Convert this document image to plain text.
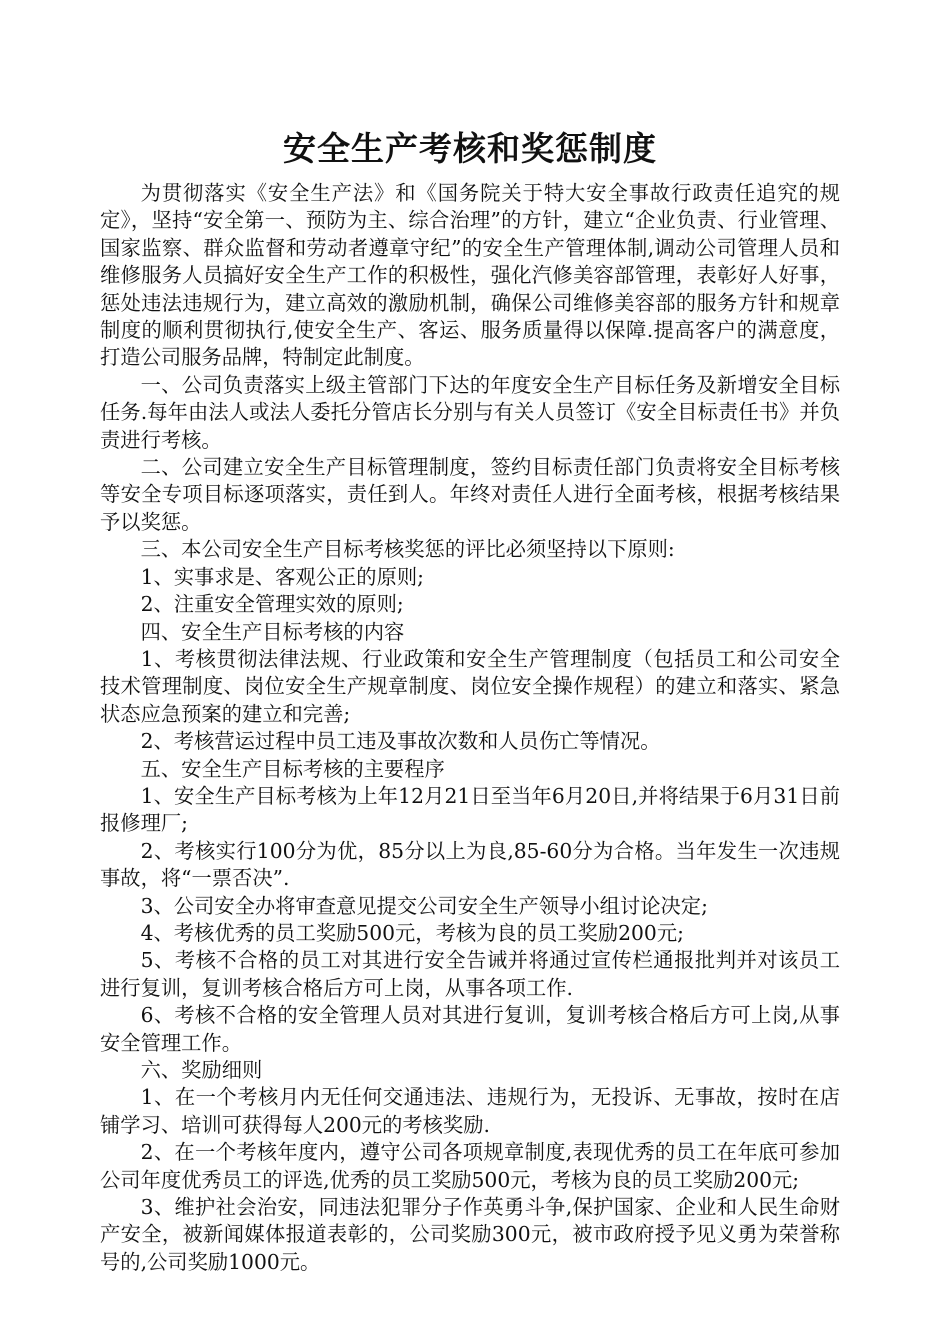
安全生产考核和奖惩制度

为贯彻落实《安全生产法》和《国务院关于特大安全事故行政责任追究的规定》，坚持“安全第一、预防为主、综合治理”的方针，建立“企业负责、行业管理、国家监察、群众监督和劳动者遵章守纪”的安全生产管理体制,调动公司管理人员和维修服务人员搞好安全生产工作的积极性，强化汽修美容部管理，表彰好人好事，惩处违法违规行为，建立高效的激励机制，确保公司维修美容部的服务方针和规章制度的顺利贯彻执行,使安全生产、客运、服务质量得以保障.提高客户的满意度，打造公司服务品牌，特制定此制度。

一、公司负责落实上级主管部门下达的年度安全生产目标任务及新增安全目标任务.每年由法人或法人委托分管店长分别与有关人员签订《安全目标责任书》并负责进行考核。

二、公司建立安全生产目标管理制度，签约目标责任部门负责将安全目标考核等安全专项目标逐项落实，责任到人。年终对责任人进行全面考核，根据考核结果予以奖惩。

三、本公司安全生产目标考核奖惩的评比必须坚持以下原则:

1、实事求是、客观公正的原则;

2、注重安全管理实效的原则;

四、安全生产目标考核的内容

1、考核贯彻法律法规、行业政策和安全生产管理制度（包括员工和公司安全技术管理制度、岗位安全生产规章制度、岗位安全操作规程）的建立和落实、紧急状态应急预案的建立和完善;

2、考核营运过程中员工违及事故次数和人员伤亡等情况。

五、安全生产目标考核的主要程序

1、安全生产目标考核为上年12月21日至当年6月20日,并将结果于6月31日前报修理厂;

2、考核实行100分为优，85分以上为良,85-60分为合格。当年发生一次违规事故，将“一票否决”.

3、公司安全办将审查意见提交公司安全生产领导小组讨论决定;

4、考核优秀的员工奖励500元，考核为良的员工奖励200元;

5、考核不合格的员工对其进行安全告诫并将通过宣传栏通报批判并对该员工进行复训，复训考核合格后方可上岗，从事各项工作.

6、考核不合格的安全管理人员对其进行复训，复训考核合格后方可上岗,从事安全管理工作。

六、奖励细则

1、在一个考核月内无任何交通违法、违规行为，无投诉、无事故，按时在店铺学习、培训可获得每人200元的考核奖励.

2、在一个考核年度内，遵守公司各项规章制度,表现优秀的员工在年底可参加公司年度优秀员工的评选,优秀的员工奖励500元，考核为良的员工奖励200元;

3、维护社会治安，同违法犯罪分子作英勇斗争,保护国家、企业和人民生命财产安全，被新闻媒体报道表彰的，公司奖励300元，被市政府授予见义勇为荣誉称号的,公司奖励1000元。
